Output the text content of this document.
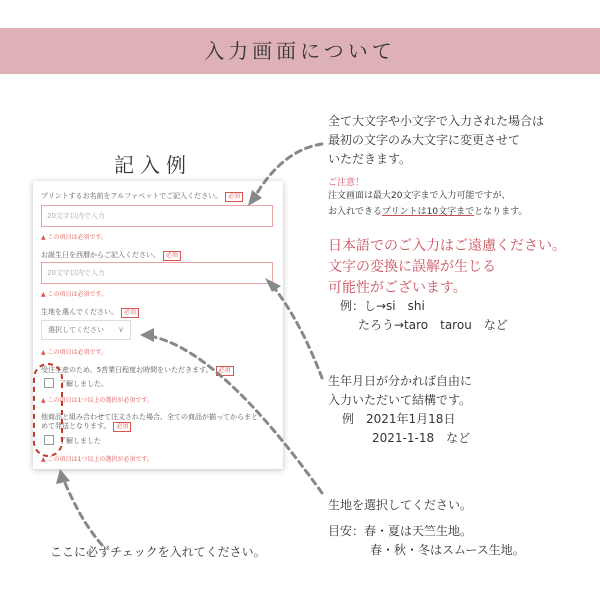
入力画面について
記入例
プリントするお名前をアルファベットでご記入ください。 必須
20文字以内で入力
▲ この項目は必須です。
お誕生日を西暦からご記入ください。 必須
20文字以内で入力
▲ この項目は必須です。
生地を選んでください。 必須
選択してください ∨
▲ この項目は必須です。
受注生産のため、5営業日程度お時間をいただきます。 必須
了解しました。
▲ この項目は1つ以上の選択が必須です。
他商品と組み合わせて注文された場合、全ての商品が揃ってからまと
めて発送となります。 必須
了解しました
▲ この項目は1つ以上の選択が必須です。
全て大文字や小文字で入力された場合は
最初の文字のみ大文字に変更させて
いただきます。
ご注意！
注文画面は最大20文字まで入力可能ですが、
お入れできるプリントは10文字までとなります。
日本語でのご入力はご遠慮ください。
文字の変換に誤解が生じる
可能性がございます。
例：し→si　shi
たろう→taro　tarou　など
生年月日が分かれば自由に
入力いただいて結構です。
例　2021年1月18日
2021-1-18　など
生地を選択してください。
目安：春・夏は天竺生地。
春・秋・冬はスムース生地。
ここに必ずチェックを入れてください。
